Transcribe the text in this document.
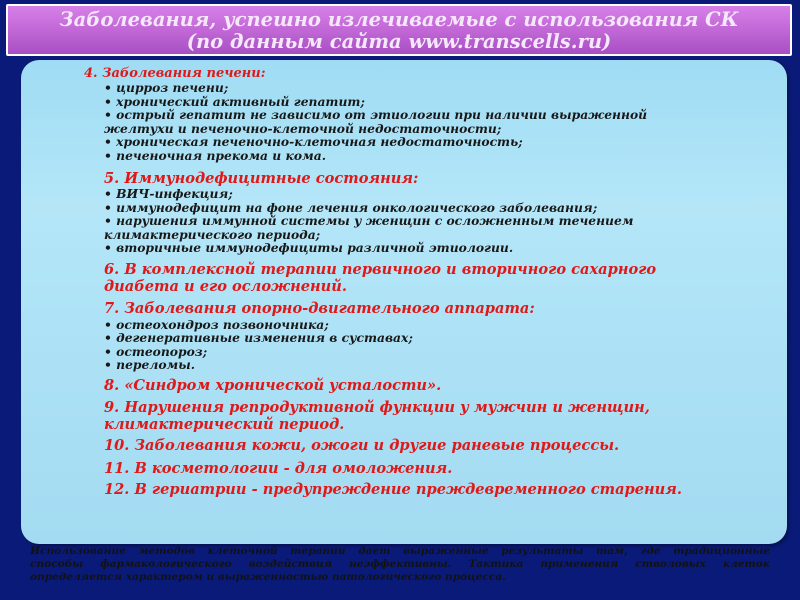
Заболевания, успешно излечиваемые с использования СК
(по данным сайта www.transcells.ru)
4. Заболевания печени:
• цирроз печени;
• хронический активный гепатит;
• острый гепатит не зависимо от этиологии при наличии выраженной
желтухи и печеночно-клеточной недостаточности;
• хроническая печеночно-клеточная недостаточность;
• печеночная прекома и кома.
5. Иммунодефицитные состояния:
• ВИЧ-инфекция;
• иммунодефицит на фоне лечения онкологического заболевания;
• нарушения иммунной системы у женщин с осложненным течением
климактерического периода;
• вторичные иммунодефициты различной этиологии.
6. В комплексной терапии первичного и вторичного сахарного
диабета и его осложнений.
7. Заболевания опорно-двигательного аппарата:
• остеохондроз позвоночника;
• дегенеративные изменения в суставах;
• остеопороз;
• переломы.
8. «Синдром хронической усталости».
9. Нарушения репродуктивной функции у мужчин и женщин,
климактерический период.
10. Заболевания кожи, ожоги и другие раневые процессы.
11. В косметологии - для омоложения.
12. В гериатрии - предупреждение преждевременного старения.
Использование методов клеточной терапии дает выраженные результаты там, где традиционные
способы фармакологического воздействия неэффективны. Тактика применения стволовых клеток
определяется характером и выраженностью патологического процесса.
